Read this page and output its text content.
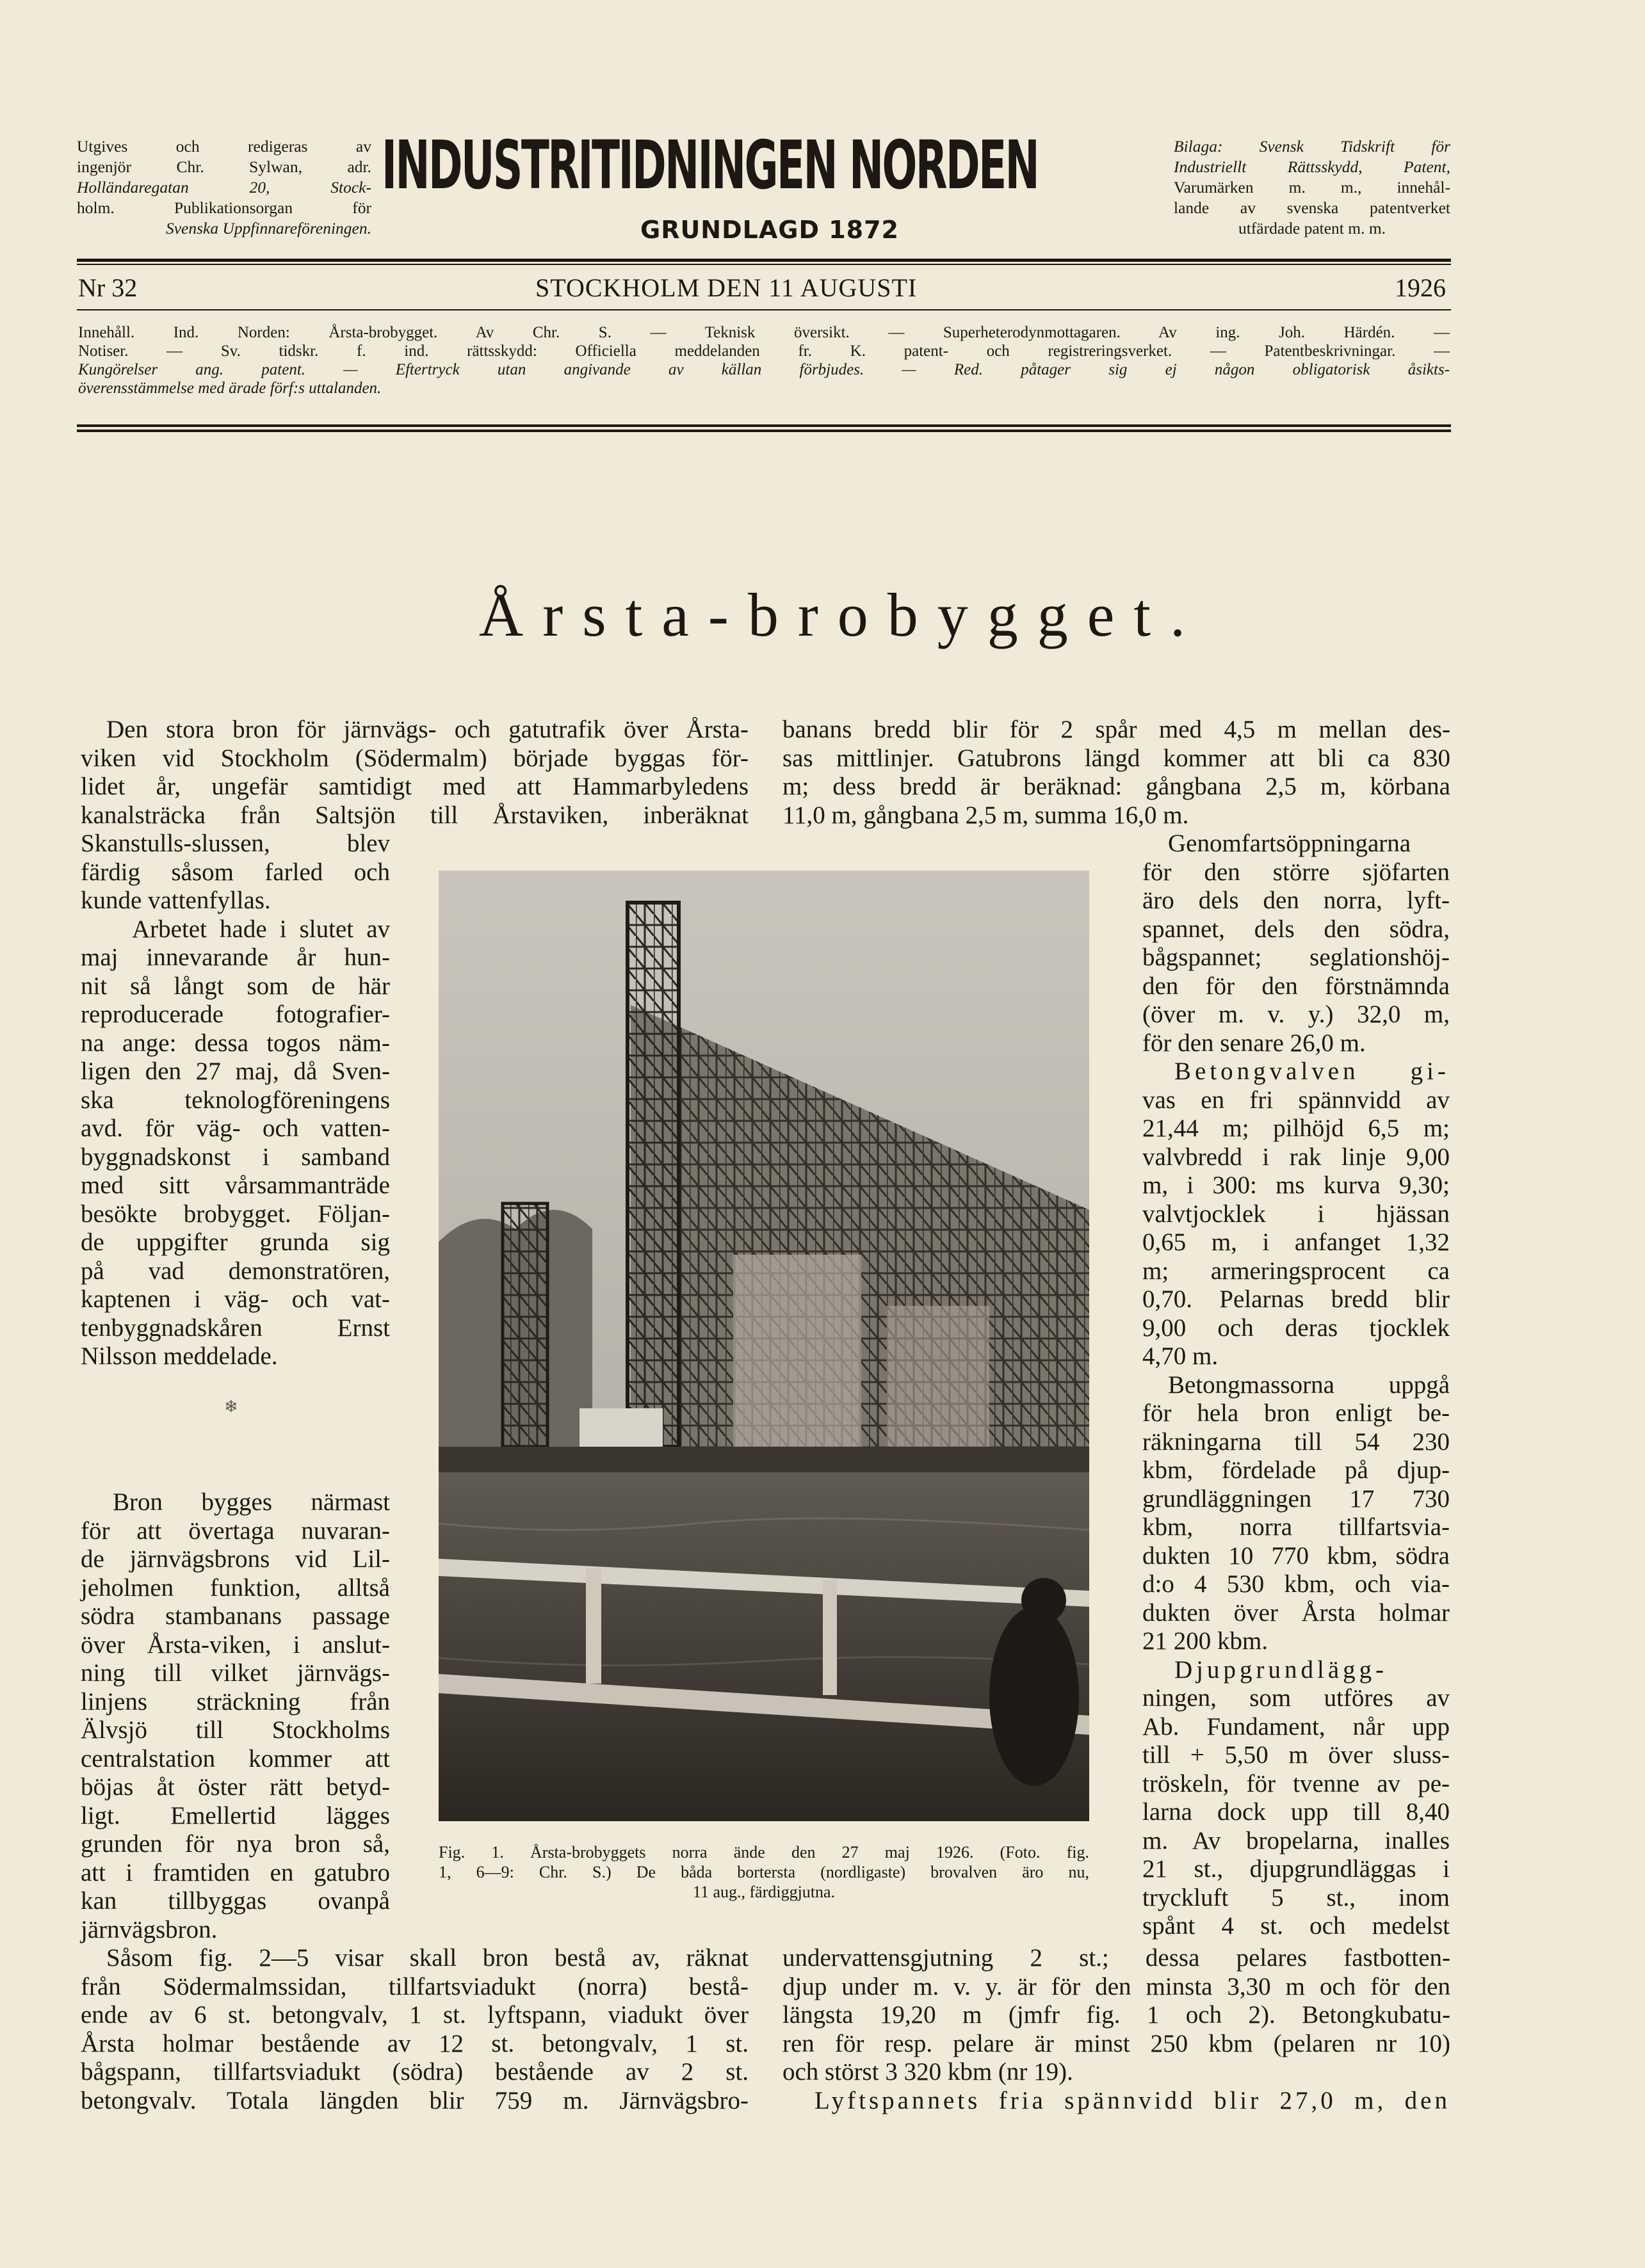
Utgives och redigeras av
ingenjör Chr. Sylwan, adr.
Holländaregatan 20, Stock-
holm. Publikationsorgan för
Svenska Uppfinnareföreningen.
INDUSTRITIDNINGEN NORDEN
GRUNDLAGD 1872
Bilaga: Svensk Tidskrift för
Industriellt Rättsskydd, Patent,
Varumärken m. m., innehål-
lande av svenska patentverket
utfärdade patent m. m.
Nr 32	STOCKHOLM DEN 11 AUGUSTI	1926
Innehåll. Ind. Norden: Årsta-brobygget. Av Chr. S. — Teknisk översikt. — Superheterodynmottagaren. Av ing. Joh. Härdén. —
Notiser. — Sv. tidskr. f. ind. rättsskydd: Officiella meddelanden fr. K. patent- och registreringsverket. — Patentbeskrivningar. —
Kungörelser ang. patent. — Eftertryck utan angivande av källan förbjudes. — Red. påtager sig ej någon obligatorisk åsikts-
överensstämmelse med ärade förf:s uttalanden.
Årsta-brobygget.
Den stora bron för järnvägs- och gatutrafik över Årsta-
viken vid Stockholm (Södermalm) började byggas för-
lidet år, ungefär samtidigt med att Hammarbyledens
kanalsträcka från Saltsjön till Årstaviken, inberäknat
Skanstulls-slussen, blev
färdig såsom farled och
kunde vattenfyllas.
Arbetet hade i slutet av
maj innevarande år hun-
nit så långt som de här
reproducerade fotografier-
na ange: dessa togos näm-
ligen den 27 maj, då Sven-
ska teknologföreningens
avd. för väg- och vatten-
byggnadskonst i samband
med sitt vårsammanträde
besökte brobygget. Följan-
de uppgifter grunda sig
på vad demonstratören,
kaptenen i väg- och vat-
tenbyggnadskåren Ernst
Nilsson meddelade.
❄
Bron bygges närmast
för att övertaga nuvaran-
de järnvägsbrons vid Lil-
jeholmen funktion, alltså
södra stambanans passage
över Årsta-viken, i anslut-
ning till vilket järnvägs-
linjens sträckning från
Älvsjö till Stockholms
centralstation kommer att
böjas åt öster rätt betyd-
ligt. Emellertid lägges
grunden för nya bron så,
att i framtiden en gatubro
kan tillbyggas ovanpå
järnvägsbron.
Såsom fig. 2—5 visar skall bron bestå av, räknat
från Södermalmssidan, tillfartsviadukt (norra) bestå-
ende av 6 st. betongvalv, 1 st. lyftspann, viadukt över
Årsta holmar bestående av 12 st. betongvalv, 1 st.
bågspann, tillfartsviadukt (södra) bestående av 2 st.
betongvalv. Totala längden blir 759 m. Järnvägsbro-
Fig. 1. Årsta-brobyggets norra ände den 27 maj 1926. (Foto. fig.
1, 6—9: Chr. S.) De båda bortersta (nordligaste) brovalven äro nu,
11 aug., färdiggjutna.
banans bredd blir för 2 spår med 4,5 m mellan des-
sas mittlinjer. Gatubrons längd kommer att bli ca 830
m; dess bredd är beräknad: gångbana 2,5 m, körbana
11,0 m, gångbana 2,5 m, summa 16,0 m.
Genomfartsöppningarna
för den större sjöfarten
äro dels den norra, lyft-
spannet, dels den södra,
bågspannet; seglationshöj-
den för den förstnämnda
(över m. v. y.) 32,0 m,
för den senare 26,0 m.
Betongvalven gi-
vas en fri spännvidd av
21,44 m; pilhöjd 6,5 m;
valvbredd i rak linje 9,00
m, i 300: ms kurva 9,30;
valvtjocklek i hjässan
0,65 m, i anfanget 1,32
m; armeringsprocent ca
0,70. Pelarnas bredd blir
9,00 och deras tjocklek
4,70 m.
Betongmassorna uppgå
för hela bron enligt be-
räkningarna till 54 230
kbm, fördelade på djup-
grundläggningen 17 730
kbm, norra tillfartsvia-
dukten 10 770 kbm, södra
d:o 4 530 kbm, och via-
dukten över Årsta holmar
21 200 kbm.
Djupgrundlägg-
ningen, som utföres av
Ab. Fundament, når upp
till + 5,50 m över sluss-
tröskeln, för tvenne av pe-
larna dock upp till 8,40
m. Av bropelarna, inalles
21 st., djupgrundläggas i
tryckluft 5 st., inom
spånt 4 st. och medelst
undervattensgjutning 2 st.; dessa pelares fastbotten-
djup under m. v. y. är för den minsta 3,30 m och för den
längsta 19,20 m (jmfr fig. 1 och 2). Betongkubatu-
ren för resp. pelare är minst 250 kbm (pelaren nr 10)
och störst 3 320 kbm (nr 19).
Lyftspannets fria spännvidd blir 27,0 m, den
